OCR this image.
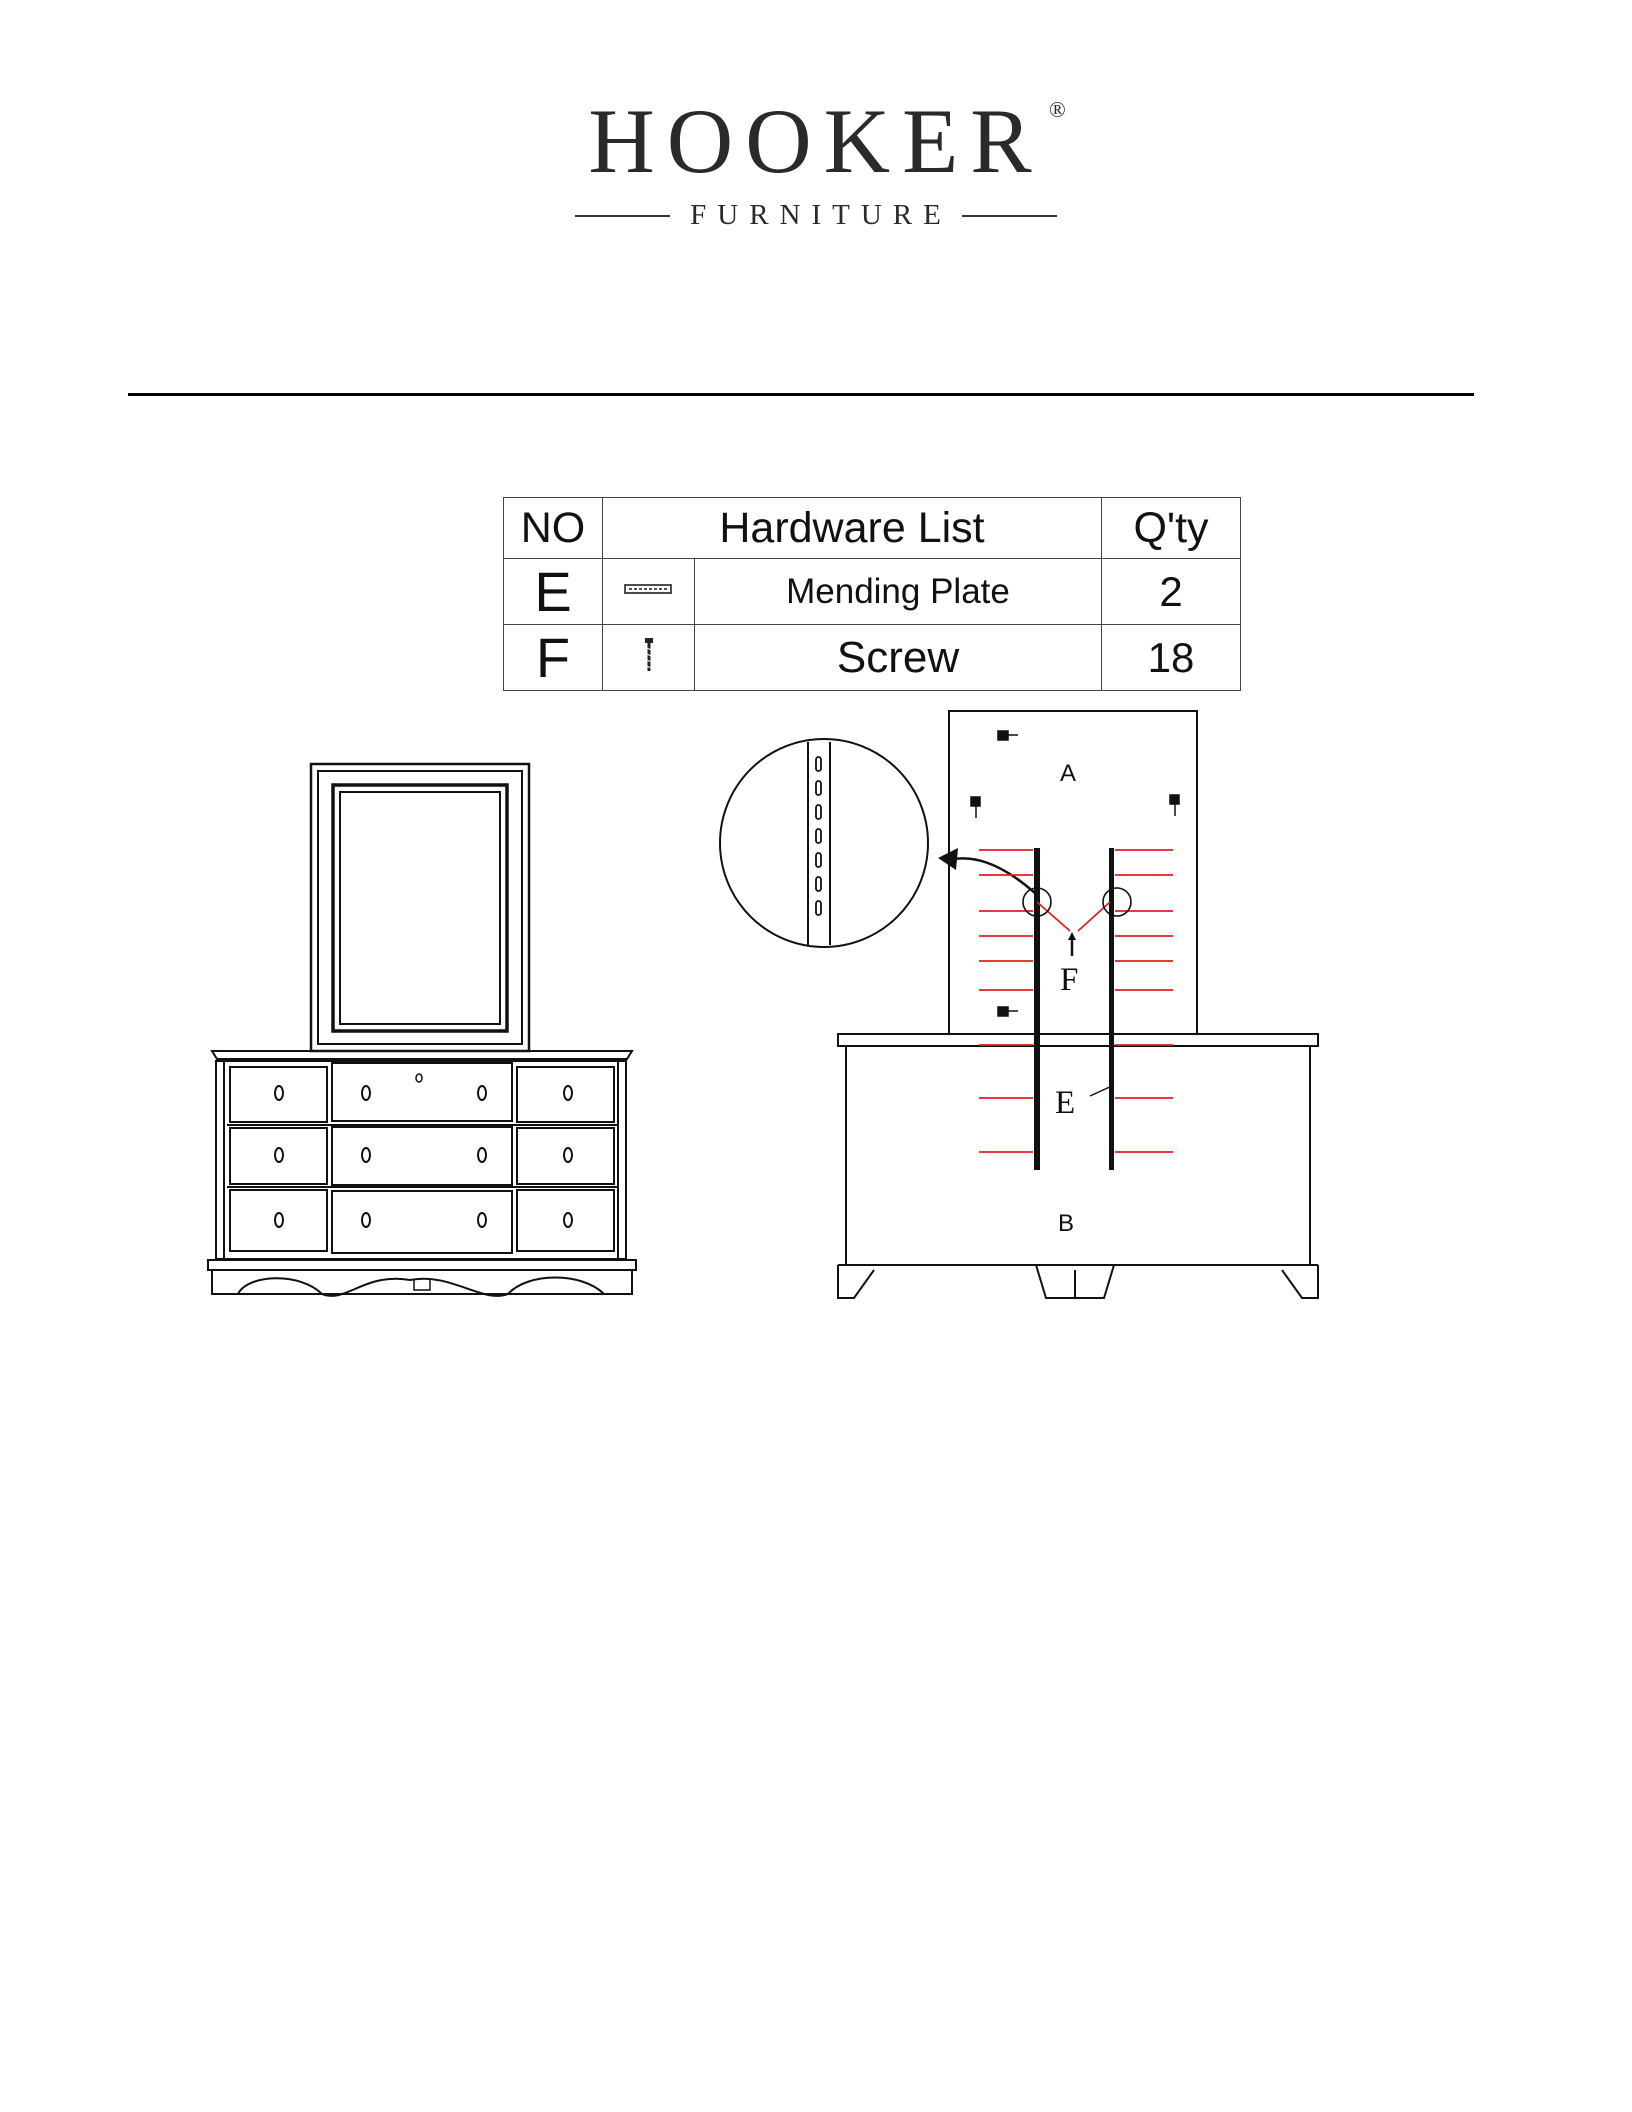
HOOKER ®
FURNITURE
NO	Hardware List		Q'ty
E		Mending Plate	2
F		Screw	18
A
F
E
B
